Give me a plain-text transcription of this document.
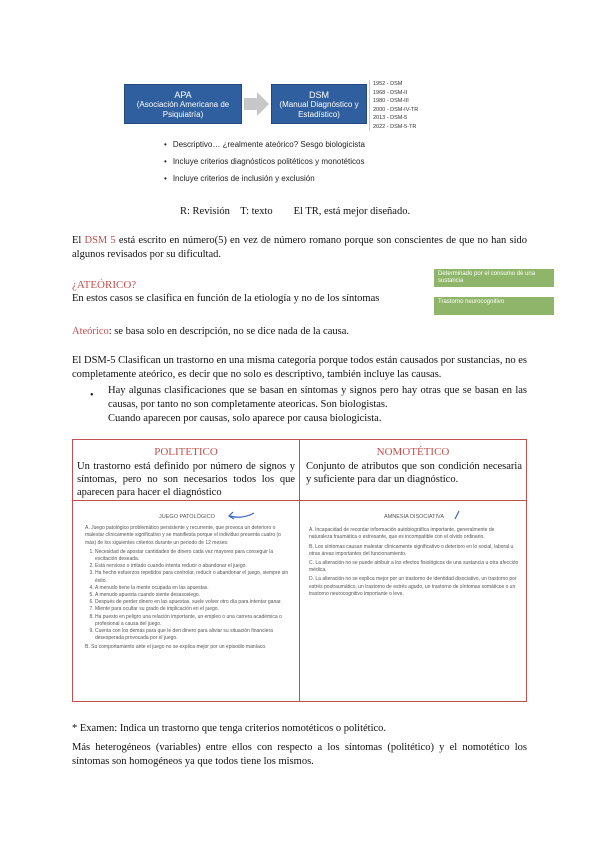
APA
(Asociación Americana de Psiquiatría)
DSM
(Manual Diagnóstico y Estadístico)
1952 - DSM
1968 - DSM-II
1980 - DSM-III
2000 - DSM-IV-TR
2013 - DSM-5
2022 - DSM-5-TR
• Descriptivo… ¿realmente ateórico? Sesgo biologicista
• Incluye criterios diagnósticos politéticos y monotéticos
• Incluye criterios de inclusión y exclusión
R: Revisión    T: texto        El TR, está mejor diseñado.
El DSM 5 está escrito en número(5) en vez de número romano porque son conscientes de que no han sido algunos revisados por su dificultad.
¿ATEÓRICO?
En estos casos se clasifica en función de la etiología y no de los síntomas
Ateórico: se basa solo en descripción, no se dice nada de la causa.
Determinado por el consumo de una sustancia
Trastorno neurocognitivo
El DSM-5 Clasifican un trastorno en una misma categoría porque todos están causados por sustancias, no es completamente ateórico, es decir que no solo es descriptivo, también incluye las causas.
• Hay algunas clasificaciones que se basan en síntomas y signos pero hay otras que se basan en las causas, por tanto no son completamente ateoricas. Son biologistas.
Cuando aparecen por causas, solo aparece por causa biologicista.
POLITETICO
Un trastorno está definido por número de signos y síntomas, pero no son necesarios todos los que aparecen para hacer el diagnóstico
NOMOTÉTICO
Conjunto de atributos que son condición necesaria y suficiente para dar un diagnóstico.
JUEGO PATOLÓGICO
A. Juego patológico problemático persistente y recurrente, que provoca un deterioro o malestar clínicamente significativo y se manifiesta porque el individuo presenta cuatro (o más) de los siguientes criterios durante un periodo de 12 meses:
1. Necesidad de apostar cantidades de dinero cada vez mayores para conseguir la excitación deseada.
2. Está nervioso o irritado cuando intenta reducir o abandonar el juego.
3. Ha hecho esfuerzos repetidos para controlar, reducir o abandonar el juego, siempre sin éxito.
4. A menudo tiene la mente ocupada en las apuestas.
5. A menudo apuesta cuando siente desasosiego.
6. Después de perder dinero en las apuestas, suele volver otro día para intentar ganar.
7. Miente para ocultar su grado de implicación en el juego.
8. Ha puesto en peligro una relación importante, un empleo o una carrera académica o profesional a causa del juego.
9. Cuenta con los demás para que le den dinero para aliviar su situación financiera desesperada provocada por el juego.
B. Su comportamiento ante el juego no se explica mejor por un episodio maníaco.
AMNESIA DISOCIATIVA
A. Incapacidad de recordar información autobiográfica importante, generalmente de naturaleza traumática o estresante, que es incompatible con el olvido ordinario.
B. Los síntomas causan malestar clínicamente significativo o deterioro en lo social, laboral u otras áreas importantes del funcionamiento.
C. La alteración no se puede atribuir a los efectos fisiológicos de una sustancia u otra afección médica.
D. La alteración no se explica mejor por un trastorno de identidad disociativo, un trastorno por estrés postraumático, un trastorno de estrés agudo, un trastorno de síntomas somáticos o un trastorno neurocognitivo importante o leve.
* Examen: Indica un trastorno que tenga criterios nomotéticos o politético.
Más heterogéneos (variables) entre ellos con respecto a los síntomas (politético) y el nomotético los síntomas son homogéneos ya que todos tiene los mismos.
